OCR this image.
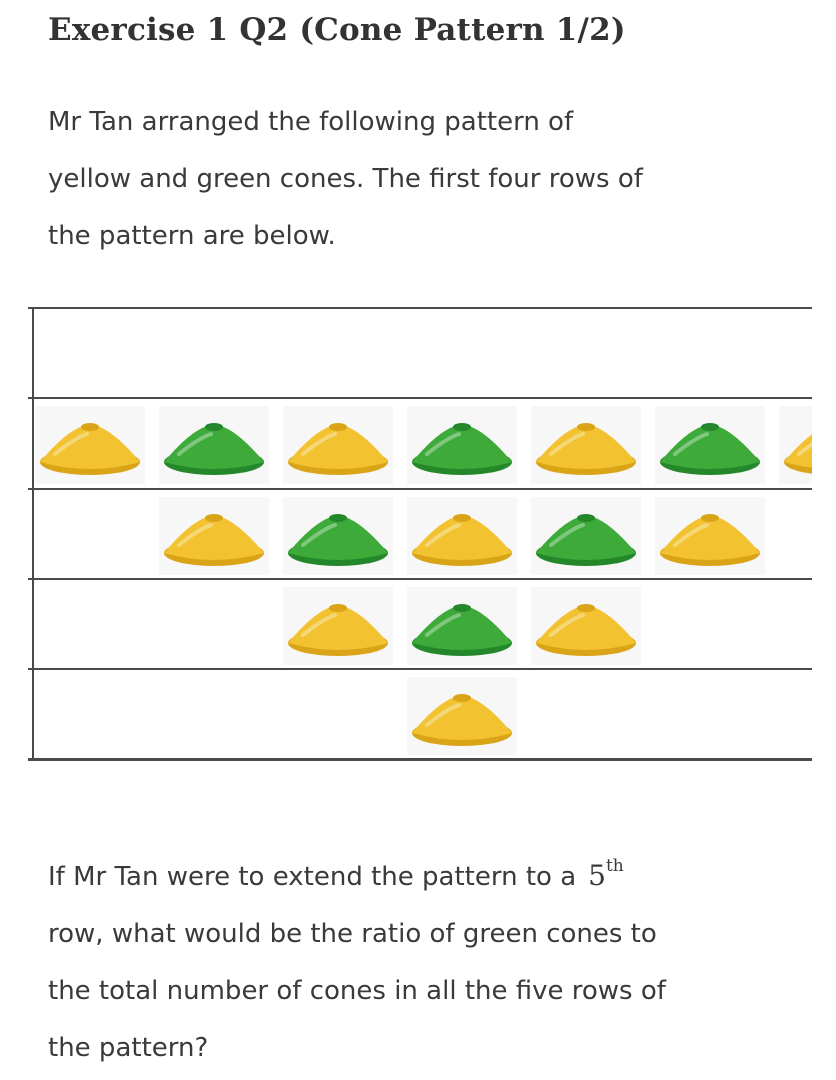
Exercise 1 Q2 (Cone Pattern 1/2)
Mr Tan arranged the following pattern of
yellow and green cones. The first four rows of
the pattern are below.
If Mr Tan were to extend the pattern to a 5th
row, what would be the ratio of green cones to
the total number of cones in all the five rows of
the pattern?
